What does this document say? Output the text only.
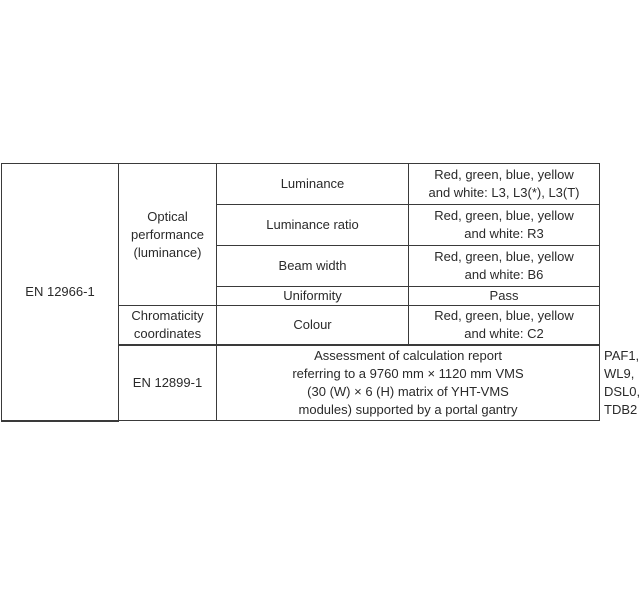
EN 12966-1	Optical
performance
(luminance)	Luminance	Red, green, blue, yellow
and white: L3, L3(*), L3(T)	

		Luminance ratio	Red, green, blue, yellow
and white: R3	

		Beam width	Red, green, blue, yellow
and white: B6	

		Uniformity	Pass	

	Chromaticity
coordinates	Colour	Red, green, blue, yellow
and white: C2	

	EN 12899-1	Assessment of calculation report
referring to a 9760 mm × 1120 mm VMS
(30 (W) × 6 (H) matrix of YHT-VMS
modules) supported by a portal gantry		PAF1, WL9, DSL0, TDB2
